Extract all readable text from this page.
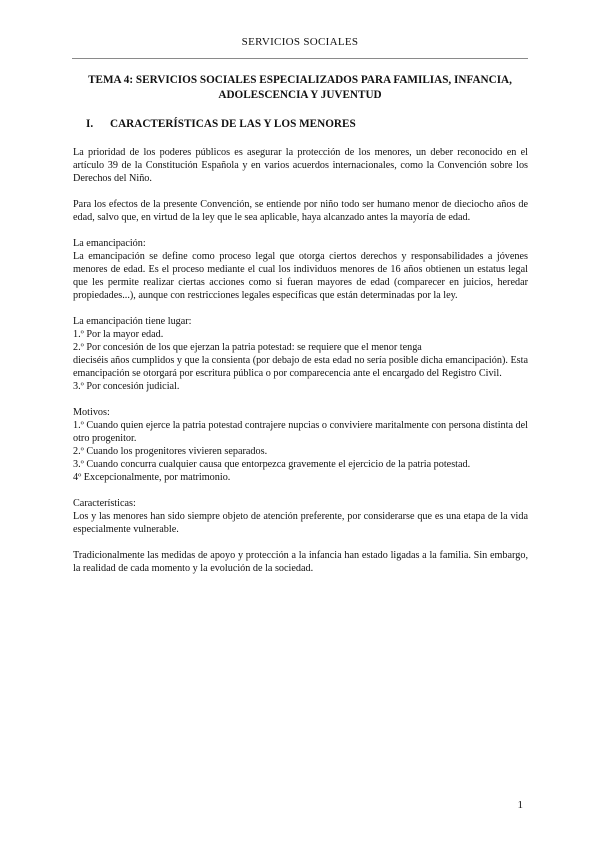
SERVICIOS SOCIALES
TEMA 4: SERVICIOS SOCIALES ESPECIALIZADOS PARA FAMILIAS, INFANCIA,
ADOLESCENCIA Y JUVENTUD
I. CARACTERÍSTICAS DE LAS Y LOS MENORES

La prioridad de los poderes públicos es asegurar la protección de los menores, un deber reconocido en el artículo 39 de la Constitución Española y en varios acuerdos internacionales, como la Convención sobre los Derechos del Niño.

Para los efectos de la presente Convención, se entiende por niño todo ser humano menor de dieciocho años de edad, salvo que, en virtud de la ley que le sea aplicable, haya alcanzado antes la mayoría de edad.

La emancipación:
La emancipación se define como proceso legal que otorga ciertos derechos y responsabilidades a jóvenes menores de edad. Es el proceso mediante el cual los individuos menores de 16 años obtienen un estatus legal que les permite realizar ciertas acciones como si fueran mayores de edad (comparecer en juicios, heredar propiedades...), aunque con restricciones legales específicas que están determinadas por la ley.
La emancipación tiene lugar:
1.º Por la mayor edad.
2.º Por concesión de los que ejerzan la patria potestad: se requiere que el menor tenga
dieciséis años cumplidos y que la consienta (por debajo de esta edad no sería posible dicha emancipación). Esta emancipación se otorgará por escritura pública o por comparecencia ante el encargado del Registro Civil.
3.º Por concesión judicial.
Motivos:
1.º Cuando quien ejerce la patria potestad contrajere nupcias o conviviere maritalmente con persona distinta del otro progenitor.
2.º Cuando los progenitores vivieren separados.
3.º Cuando concurra cualquier causa que entorpezca gravemente el ejercicio de la patria potestad.
4º Excepcionalmente, por matrimonio.
Características:
Los y las menores han sido siempre objeto de atención preferente, por considerarse que es una etapa de la vida especialmente vulnerable.

Tradicionalmente las medidas de apoyo y protección a la infancia han estado ligadas a la familia. Sin embargo, la realidad de cada momento y la evolución de la sociedad.

1
